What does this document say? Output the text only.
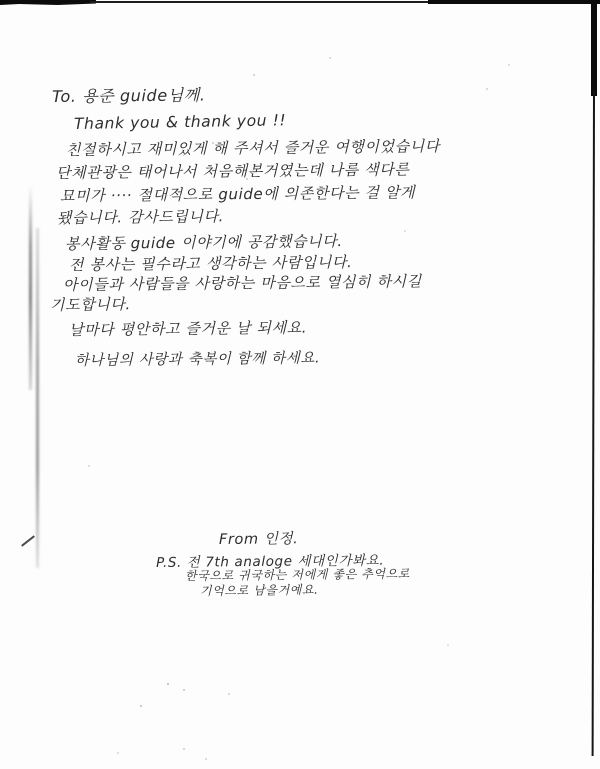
To. 용준 guide님께.
Thank you & thank you !!
친절하시고 재미있게 해 주셔서 즐거운 여행이었습니다
단체관광은 태어나서 처음해본거였는데 나름 색다른
묘미가 ···· 절대적으로 guide에 의존한다는 걸 알게
됐습니다. 감사드립니다.
봉사활동 guide 이야기에 공감했습니다.
전 봉사는 필수라고 생각하는 사람입니다.
아이들과 사람들을 사랑하는 마음으로 열심히 하시길
기도합니다.
날마다 평안하고 즐거운 날 되세요.
하나님의 사랑과 축복이 함께 하세요.
From 인정.
P.S. 전 7th analoge 세대인가봐요.
한국으로 귀국하는 저에게 좋은 추억으로
기억으로 남을거예요.
